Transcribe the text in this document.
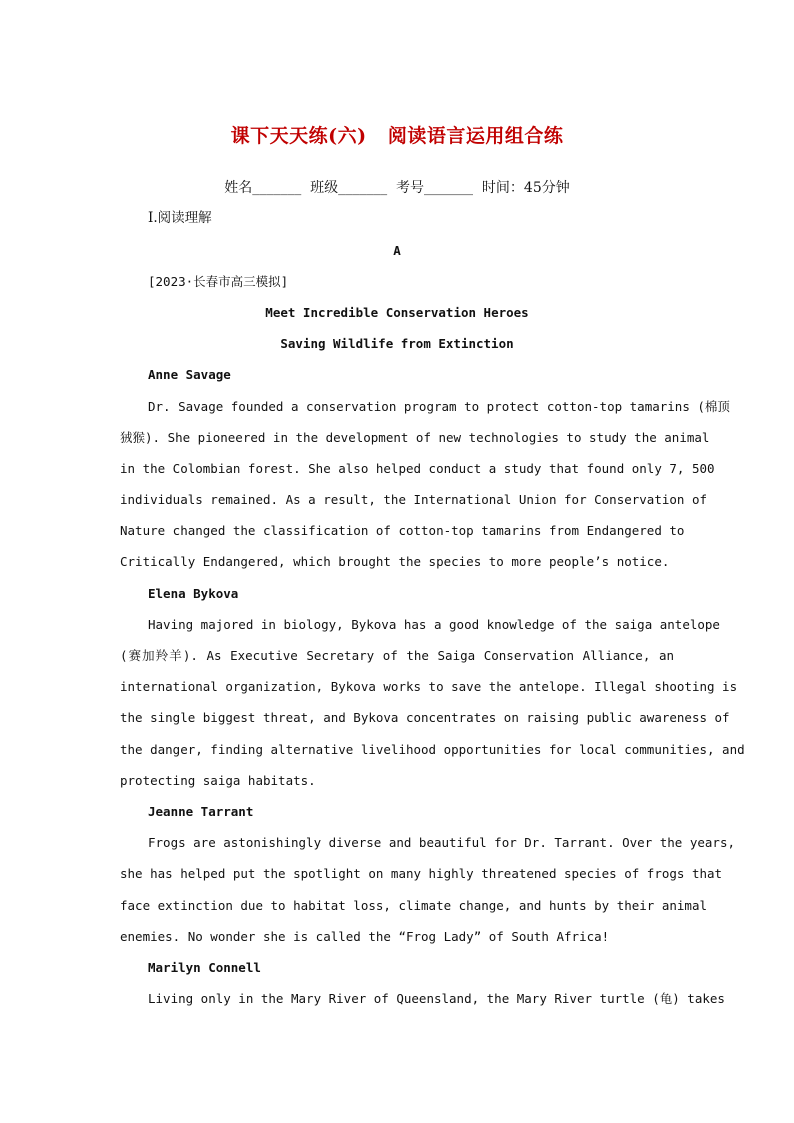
课下天天练(六)   阅读语言运用组合练
姓名_______  班级_______  考号_______  时间：45分钟
Ⅰ.阅读理解
A
[2023·长春市高三模拟]
Meet Incredible Conservation Heroes
Saving Wildlife from Extinction
Anne Savage
Dr. Savage founded a conservation program to protect cotton-top tamarins (棉顶
狨猴). She pioneered in the development of new technologies to study the animal
in the Colombian forest. She also helped conduct a study that found only 7, 500
individuals remained. As a result, the International Union for Conservation of
Nature changed the classification of cotton-top tamarins from Endangered to
Critically Endangered, which brought the species to more people’s notice.
Elena Bykova
Having majored in biology, Bykova has a good knowledge of the saiga antelope
(赛加羚羊). As Executive Secretary of the Saiga Conservation Alliance, an
international organization, Bykova works to save the antelope. Illegal shooting is
the single biggest threat, and Bykova concentrates on raising public awareness of
the danger, finding alternative livelihood opportunities for local communities, and
protecting saiga habitats.
Jeanne Tarrant
Frogs are astonishingly diverse and beautiful for Dr. Tarrant. Over the years,
she has helped put the spotlight on many highly threatened species of frogs that
face extinction due to habitat loss, climate change, and hunts by their animal
enemies. No wonder she is called the “Frog Lady” of South Africa!
Marilyn Connell
Living only in the Mary River of Queensland, the Mary River turtle (龟) takes
